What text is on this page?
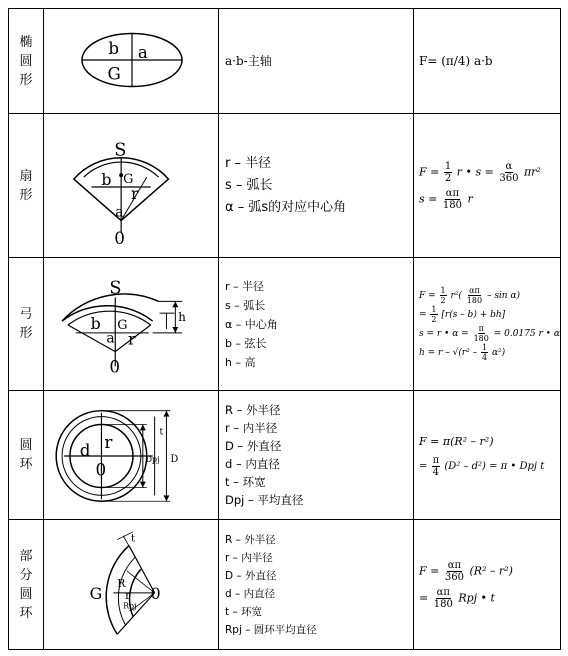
椭
圆
形
b a
G
a·b-主轴	F= (π/4) a·b
扇
形
S
b G
r
a
0
r – 半径
s – 弧长
α – 弧s的对应中心角
$F = \frac{1}{2}$ r • $s = \frac{\alpha}{360} \pi r^2$
$s = \frac{\alpha\pi}{180}$ r
弓
形
S
b G
a r
0
h
r – 半径
s – 弧长
α – 中心角
b – 弦长
h – 高
$F = \frac{1}{2} r^2( \frac{\alpha\pi}{180} - \sin \alpha)$
= $\frac{1}{2} [r(s - b) + bh]$
s = r • $\alpha = \frac{\pi}{180} = 0.0175$ r • α
$h = r - √(r^2 - \frac{1}{4} \alpha^2)$
圆
环
d r
0
D
Dpj
t
R – 外半径
r – 内半径
D – 外直径
d – 内直径
t – 环宽
Dpj – 平均直径
F = π(R² – r²)
= $\frac{\pi}{4} (D^2 - d^2) = \pi$ • Dpj t
部
分
圆
环
G
R
r
Rpj
0
t	R – 外半径
r – 内半径
D – 外直径
d – 内直径
t – 环宽
Rpj – 圆环平均直径
$F = \frac{\alpha\pi}{360} (R^2 - r^2)$
= $\frac{\alpha\pi}{180}$ Rpj • t
